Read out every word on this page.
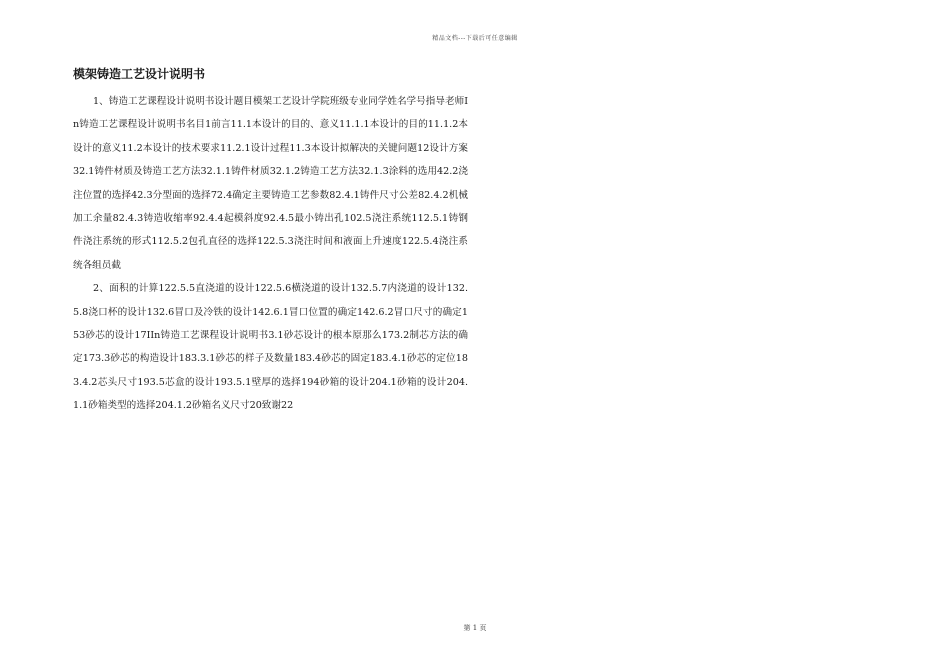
精品文档---下载后可任意编辑
模架铸造工艺设计说明书

1、铸造工艺课程设计说明书设计题目模架工艺设计学院班级专业同学姓名学号指导老师In铸造工艺课程设计说明书名目1前言11.1本设计的目的、意义11.1.1本设计的目的11.1.2本设计的意义11.2本设计的技术要求11.2.1设计过程11.3本设计拟解决的关键问题12设计方案32.1铸件材质及铸造工艺方法32.1.1铸件材质32.1.2铸造工艺方法32.1.3涂料的选用42.2浇注位置的选择42.3分型面的选择72.4确定主要铸造工艺参数82.4.1铸件尺寸公差82.4.2机械加工余量82.4.3铸造收缩率92.4.4起模斜度92.4.5最小铸出孔102.5浇注系统112.5.1铸钢件浇注系统的形式112.5.2包孔直径的选择122.5.3浇注时间和液面上升速度122.5.4浇注系统各组员截

2、面积的计算122.5.5直浇道的设计122.5.6横浇道的设计132.5.7内浇道的设计132.5.8浇口杯的设计132.6冒口及冷铁的设计142.6.1冒口位置的确定142.6.2冒口尺寸的确定153砂芯的设计17IIn铸造工艺课程设计说明书3.1砂芯设计的根本原那么173.2制芯方法的确定173.3砂芯的构造设计183.3.1砂芯的样子及数量183.4砂芯的固定183.4.1砂芯的定位183.4.2芯头尺寸193.5芯盒的设计193.5.1壁厚的选择194砂箱的设计204.1砂箱的设计204.1.1砂箱类型的选择204.1.2砂箱名义尺寸20致谢22

第 1 页
